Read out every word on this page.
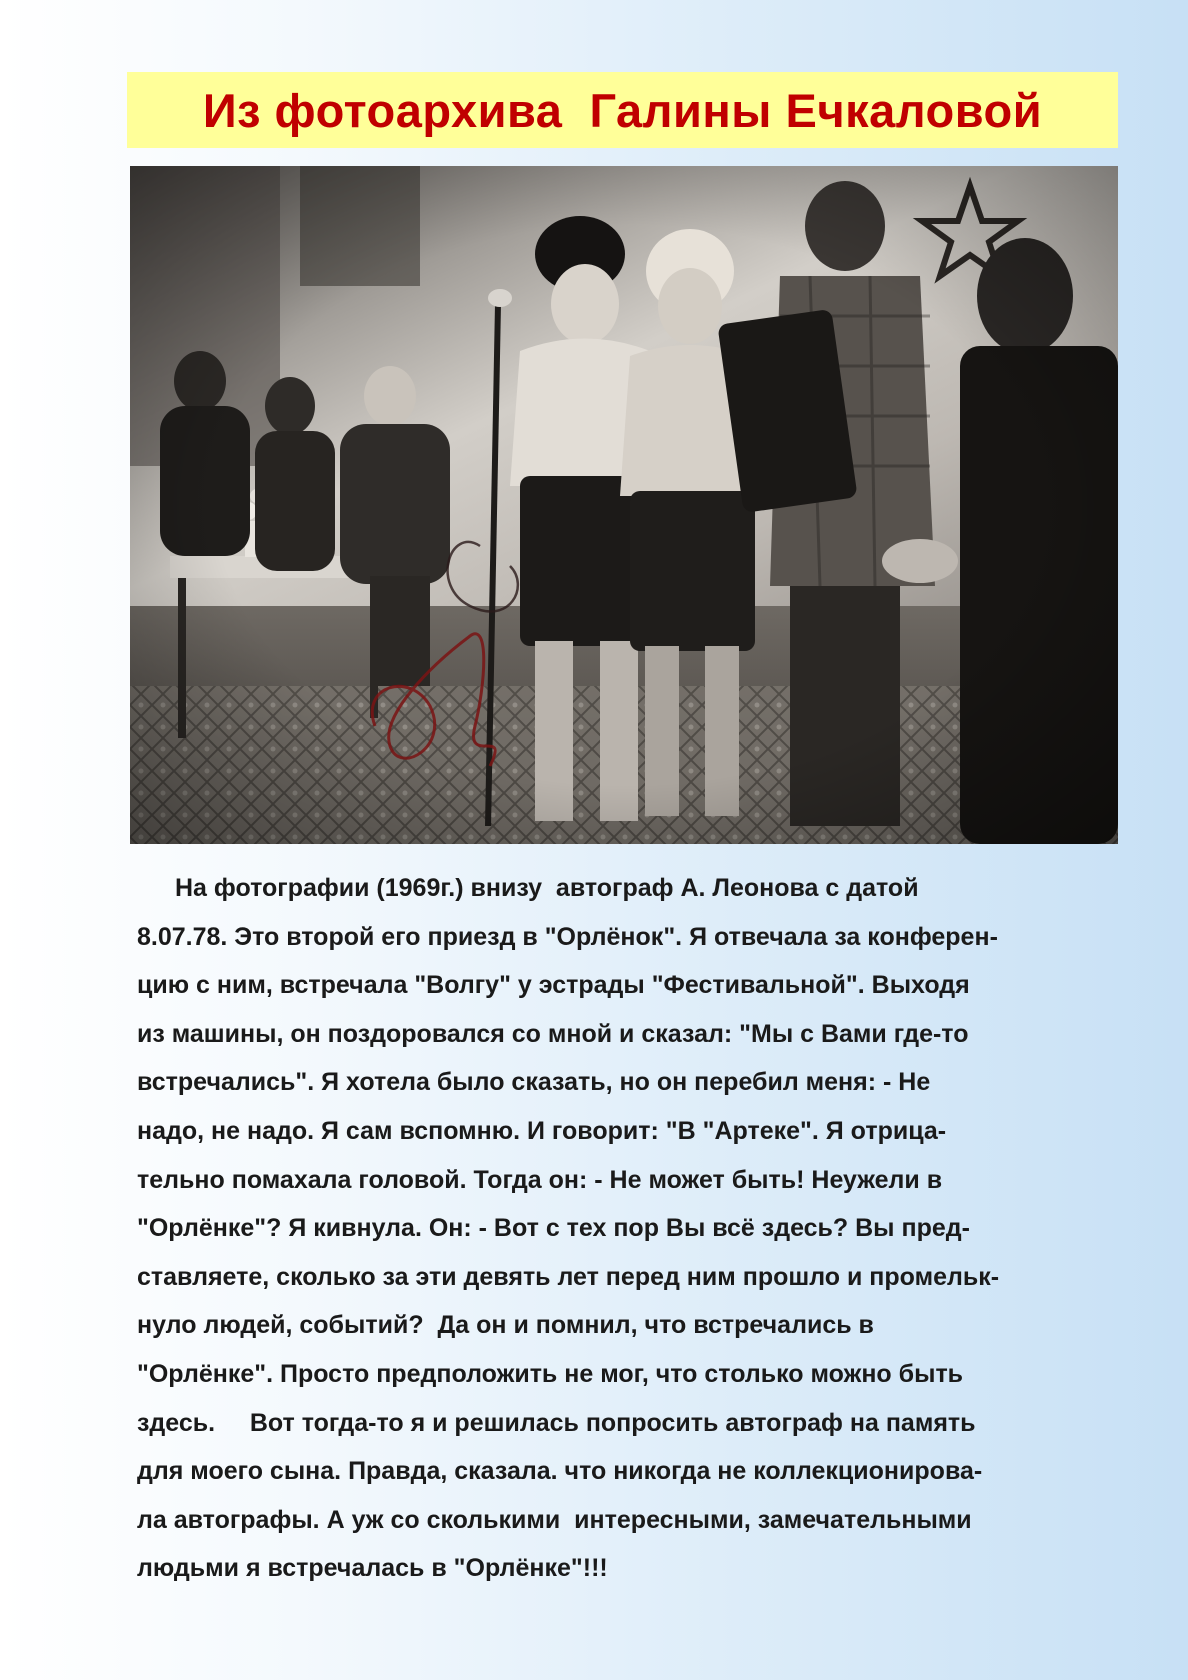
Из фотоархива  Галины Ечкаловой
На фотографии (1969г.) внизу  автограф А. Леонова с датой
8.07.78. Это второй его приезд в "Орлёнок". Я отвечала за конферен-
цию с ним, встречала "Волгу" у эстрады "Фестивальной". Выходя
из машины, он поздоровался со мной и сказал: "Мы с Вами где-то
встречались". Я хотела было сказать, но он перебил меня: - Не
надо, не надо. Я сам вспомню. И говорит: "В "Артеке". Я отрица-
тельно помахала головой. Тогда он: - Не может быть! Неужели в
"Орлёнке"? Я кивнула. Он: - Вот с тех пор Вы всё здесь? Вы пред-
ставляете, сколько за эти девять лет перед ним прошло и промельк-
нуло людей, событий?  Да он и помнил, что встречались в
"Орлёнке". Просто предположить не мог, что столько можно быть
здесь.     Вот тогда-то я и решилась попросить автограф на память
для моего сына. Правда, сказала. что никогда не коллекционирова-
ла автографы. А уж со сколькими  интересными, замечательными
людьми я встречалась в "Орлёнке"!!!
